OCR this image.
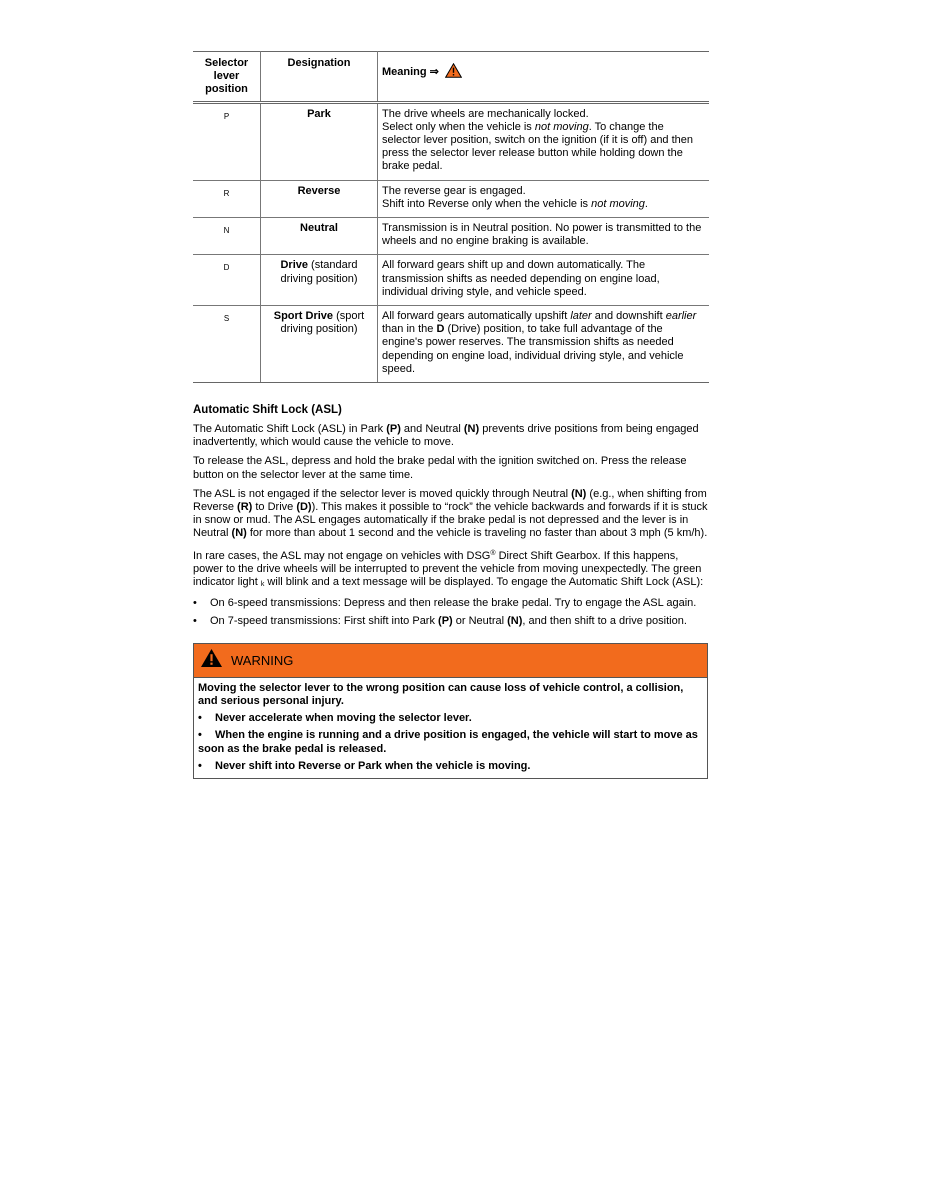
Selector lever position	Designation	Meaning ⇒
P	Park	The drive wheels are mechanically locked.
Select only when the vehicle is not moving. To change the selector lever position, switch on the ignition (if it is off) and then press the selector lever release button while holding down the brake pedal.
R	Reverse	The reverse gear is engaged.
Shift into Reverse only when the vehicle is not moving.
N	Neutral	Transmission is in Neutral position. No power is transmitted to the wheels and no engine braking is available.
D	Drive (standard driving position)	All forward gears shift up and down automatically. The transmission shifts as needed depending on engine load, individual driving style, and vehicle speed.
S	Sport Drive (sport driving position)	All forward gears automatically upshift later and downshift earlier than in the D (Drive) position, to take full advantage of the engine's power reserves. The transmission shifts as needed depending on engine load, individual driving style, and vehicle speed.
Automatic Shift Lock (ASL)

The Automatic Shift Lock (ASL) in Park (P) and Neutral (N) prevents drive positions from being engaged inadvertently, which would cause the vehicle to move.

To release the ASL, depress and hold the brake pedal with the ignition switched on. Press the release button on the selector lever at the same time.

The ASL is not engaged if the selector lever is moved quickly through Neutral (N) (e.g., when shifting from Reverse (R) to Drive (D)). This makes it possible to “rock” the vehicle backwards and forwards if it is stuck in snow or mud. The ASL engages automatically if the brake pedal is not depressed and the lever is in Neutral (N) for more than about 1 second and the vehicle is traveling no faster than about 3 mph (5 km/h).

In rare cases, the ASL may not engage on vehicles with DSG® Direct Shift Gearbox. If this happens, power to the drive wheels will be interrupted to prevent the vehicle from moving unexpectedly. The green indicator light k will blink and a text message will be displayed. To engage the Automatic Shift Lock (ASL):

• On 6-speed transmissions: Depress and then release the brake pedal. Try to engage the ASL again.
• On 7-speed transmissions: First shift into Park (P) or Neutral (N), and then shift to a drive position.
WARNING
Moving the selector lever to the wrong position can cause loss of vehicle control, a collision, and serious personal injury.
• Never accelerate when moving the selector lever.
• When the engine is running and a drive position is engaged, the vehicle will start to move as soon as the brake pedal is released.
• Never shift into Reverse or Park when the vehicle is moving.
